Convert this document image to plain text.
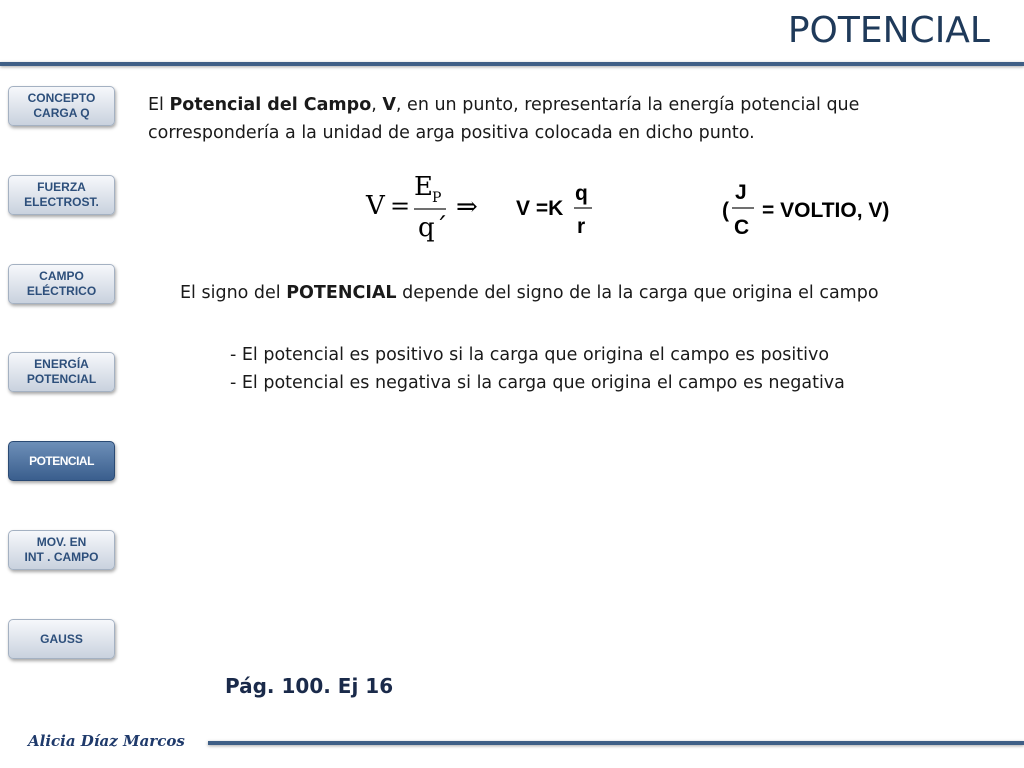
POTENCIAL
CONCEPTO
CARGA Q
FUERZA
ELECTROST.
CAMPO
ELÉCTRICO
ENERGÍA
POTENCIAL
POTENCIAL
MOV. EN
INT . CAMPO
GAUSS
El Potencial del Campo, V, en un punto, representaría la energía potencial que
correspondería a la unidad de arga positiva colocada en dicho punto.
V =
E P
q´
⇒ V =K
q
r
(
J
C
= VOLTIO, V)
El signo del POTENCIAL depende del signo de la la carga que origina el campo
- El potencial es positivo si la carga que origina el campo es positivo
- El potencial es negativa si la carga que origina el campo es negativa
Pág. 100. Ej 16
Alicia Díaz Marcos
